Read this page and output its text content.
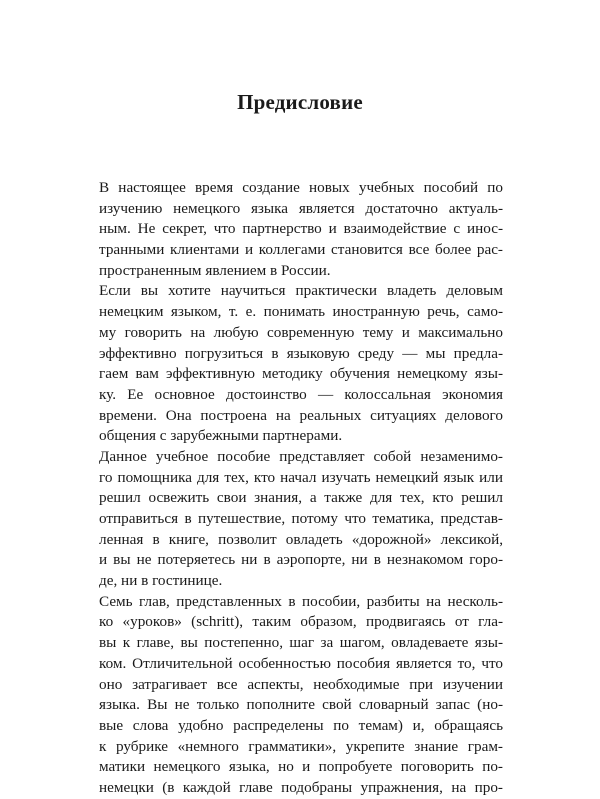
Предисловие
В настоящее время создание новых учебных пособий по
изучению немецкого языка является достаточно актуаль-
ным. Не секрет, что партнерство и взаимодействие с инос-
транными клиентами и коллегами становится все более рас-
пространенным явлением в России.
Если вы хотите научиться практически владеть деловым
немецким языком, т. е. понимать иностранную речь, само-
му говорить на любую современную тему и максимально
эффективно погрузиться в языковую среду — мы предла-
гаем вам эффективную методику обучения немецкому язы-
ку. Ее основное достоинство — колоссальная экономия
времени. Она построена на реальных ситуациях делового
общения с зарубежными партнерами.
Данное учебное пособие представляет собой незаменимо-
го помощника для тех, кто начал изучать немецкий язык или
решил освежить свои знания, а также для тех, кто решил
отправиться в путешествие, потому что тематика, представ-
ленная в книге, позволит овладеть «дорожной» лексикой,
и вы не потеряетесь ни в аэропорте, ни в незнакомом горо-
де, ни в гостинице.
Семь глав, представленных в пособии, разбиты на несколь-
ко «уроков» (schritt), таким образом, продвигаясь от гла-
вы к главе, вы постепенно, шаг за шагом, овладеваете язы-
ком. Отличительной особенностью пособия является то, что
оно затрагивает все аспекты, необходимые при изучении
языка. Вы не только пополните свой словарный запас (но-
вые слова удобно распределены по темам) и, обращаясь
к рубрике «немного грамматики», укрепите знание грам-
матики немецкого языка, но и попробуете поговорить по-
немецки (в каждой главе подобраны упражнения, на про-
